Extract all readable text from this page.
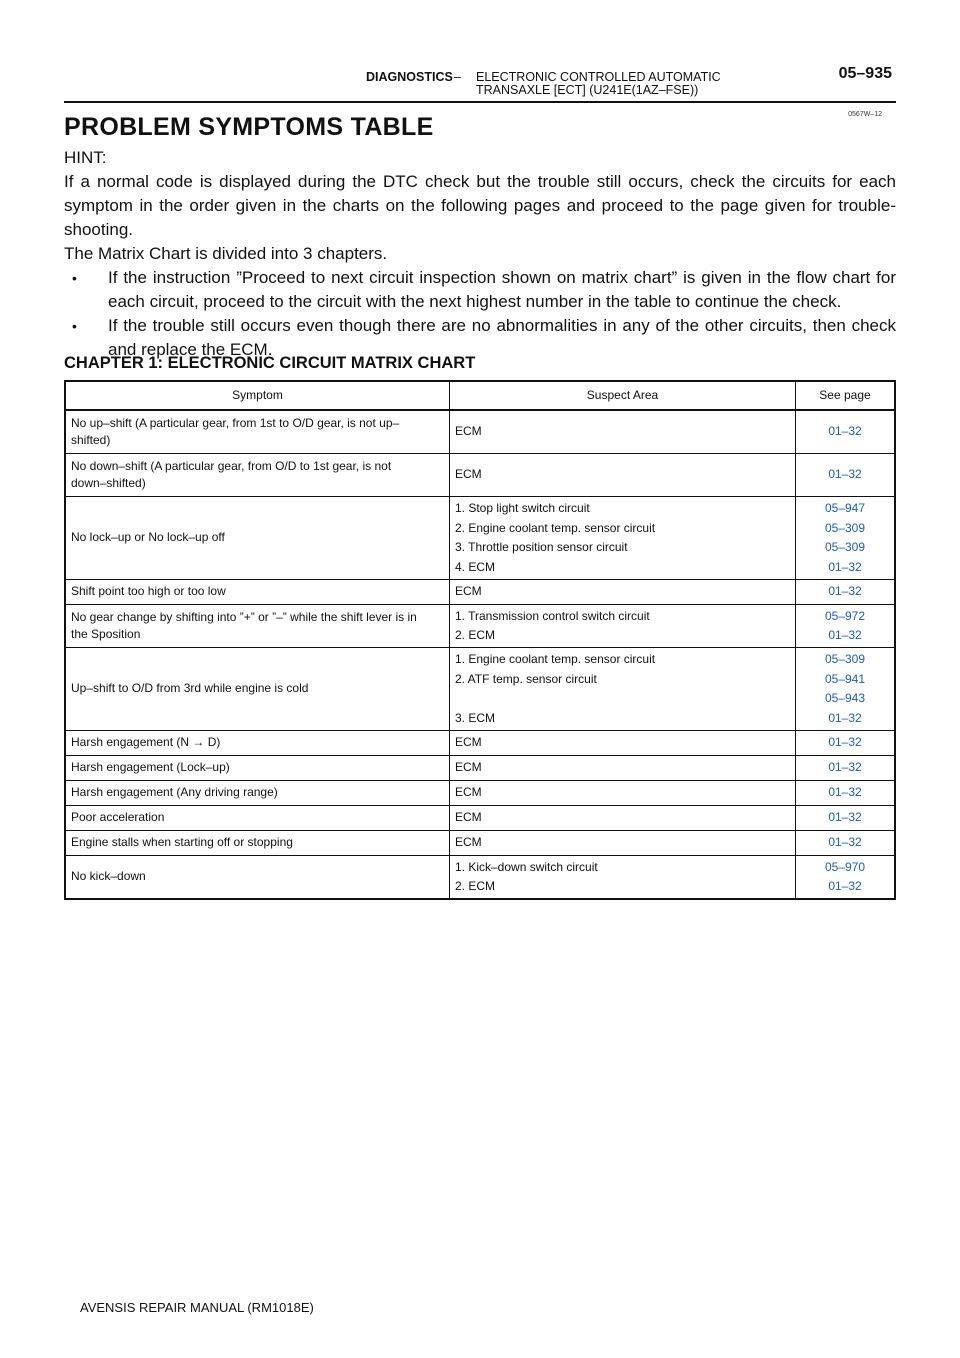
DIAGNOSTICS – ELECTRONIC CONTROLLED AUTOMATIC
TRANSAXLE [ECT] (U241E(1AZ–FSE))
05–935
0567W–12
PROBLEM SYMPTOMS TABLE
HINT:
If a normal code is displayed during the DTC check but the trouble still occurs, check the circuits for each symptom in the order given in the charts on the following pages and proceed to the page given for trouble-shooting.
The Matrix Chart is divided into 3 chapters.
• If the instruction ”Proceed to next circuit inspection shown on matrix chart” is given in the flow chart for each circuit, proceed to the circuit with the next highest number in the table to continue the check.
• If the trouble still occurs even though there are no abnormalities in any of the other circuits, then check and replace the ECM.
CHAPTER 1: ELECTRONIC CIRCUIT MATRIX CHART
Symptom	Suspect Area	See page

No up–shift (A particular gear, from 1st to O/D gear, is not up–
shifted)	ECM	01–32

No down–shift (A particular gear, from O/D to 1st gear, is not
down–shifted)	ECM	01–32

No lock–up or No lock–up off	1. Stop light switch circuit
2. Engine coolant temp. sensor circuit
3. Throttle position sensor circuit
4. ECM	05–947
05–309
05–309
01–32

Shift point too high or too low	ECM	01–32

No gear change by shifting into ”+” or ”–” while the shift lever is in
the Sposition	1. Transmission control switch circuit
2. ECM	05–972
01–32

Up–shift to O/D from 3rd while engine is cold	1. Engine coolant temp. sensor circuit
2. ATF temp. sensor circuit
3. ECM	05–309
05–941
05–943
01–32

Harsh engagement (N → D)	ECM	01–32

Harsh engagement (Lock–up)	ECM	01–32

Harsh engagement (Any driving range)	ECM	01–32

Poor acceleration	ECM	01–32

Engine stalls when starting off or stopping	ECM	01–32

No kick–down	1. Kick–down switch circuit
2. ECM	05–970
01–32
AVENSIS REPAIR MANUAL (RM1018E)
